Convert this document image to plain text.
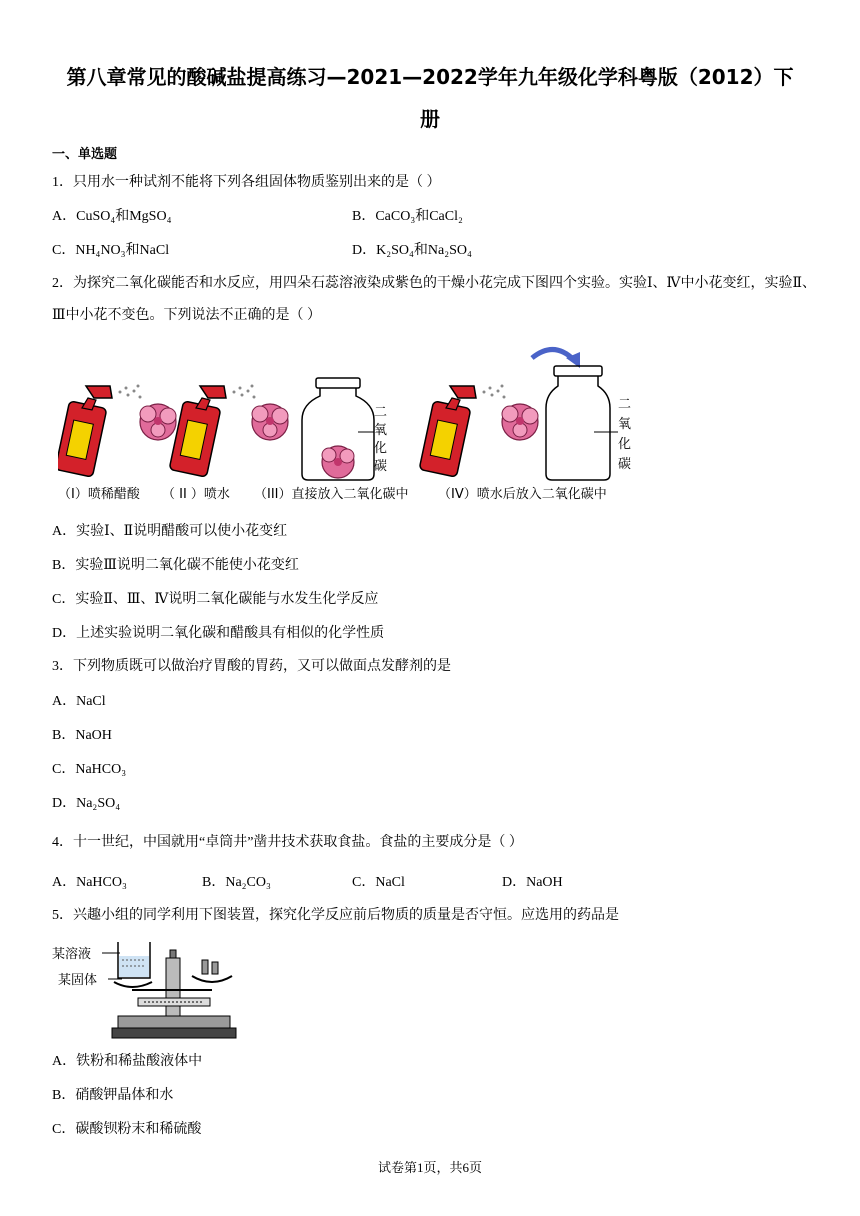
第八章常见的酸碱盐提高练习—2021—2022学年九年级化学科粤版（2012）下
册
一、单选题
1．只用水一种试剂不能将下列各组固体物质鉴别出来的是（ ）
A．CuSO₄和MgSO₄	B．CaCO₃和CaCl₂
C．NH₄NO₃和NaCl	D．K₂SO₄和Na₂SO₄
2．为探究二氧化碳能否和水反应，用四朵石蕊溶液染成紫色的干燥小花完成下图四个实验。实验Ⅰ、Ⅳ中小花变红，实验Ⅱ、Ⅲ中小花不变色。下列说法不正确的是（ ）
二
氧
化
碳
二
氧
化
碳
（I）喷稀醋酸 （ II ）喷水 （III）直接放入二氧化碳中 （IV）喷水后放入二氧化碳中
A．实验Ⅰ、Ⅱ说明醋酸可以使小花变红
B．实验Ⅲ说明二氧化碳不能使小花变红
C．实验Ⅱ、Ⅲ、Ⅳ说明二氧化碳能与水发生化学反应
D．上述实验说明二氧化碳和醋酸具有相似的化学性质
3．下列物质既可以做治疗胃酸的胃药，又可以做面点发酵剂的是
A．NaCl
B．NaOH
C．NaHCO₃
D．Na₂SO₄
4．十一世纪，中国就用“卓筒井”凿井技术获取食盐。食盐的主要成分是（ ）
A．NaHCO₃	B．Na₂CO₃	C．NaCl	D．NaOH
5．兴趣小组的同学利用下图装置，探究化学反应前后物质的质量是否守恒。应选用的药品是
某溶液
某固体
A．铁粉和稀盐酸液体中
B．硝酸钾晶体和水
C．碳酸钡粉末和稀硫酸
试卷第1页，共6页
